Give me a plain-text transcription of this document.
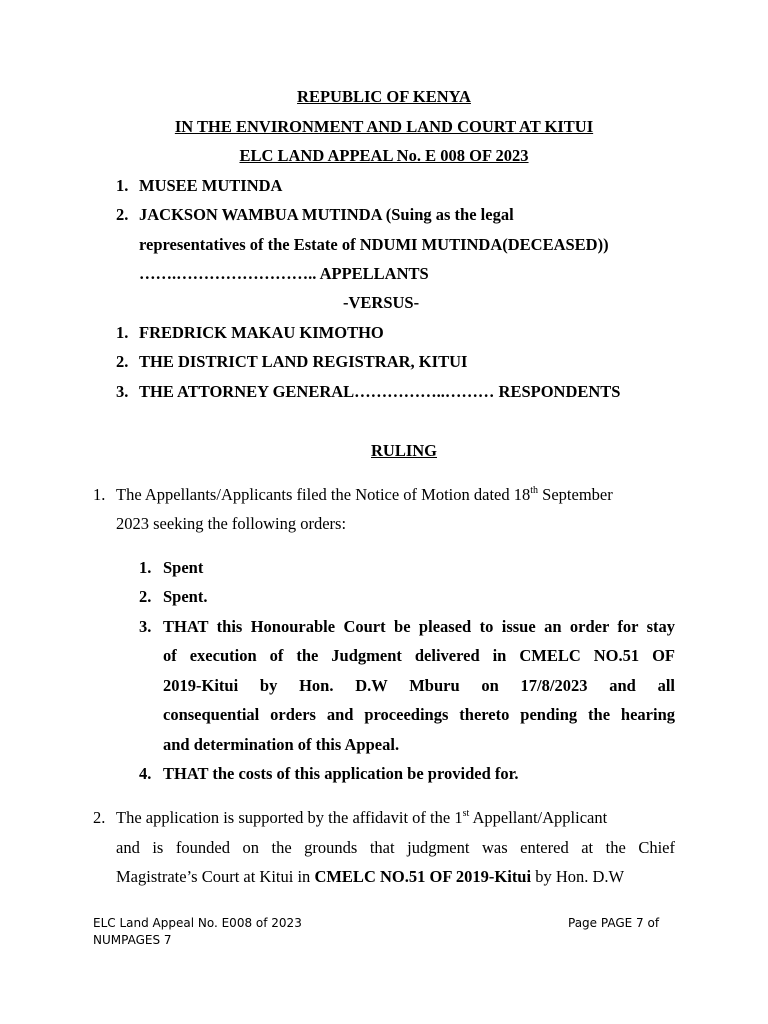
REPUBLIC OF KENYA
IN THE ENVIRONMENT AND LAND COURT AT KITUI
ELC LAND APPEAL No. E 008 OF 2023
1. MUSEE MUTINDA
2. JACKSON WAMBUA MUTINDA (Suing as the legal
representatives of the Estate of NDUMI MUTINDA(DECEASED))
…….…………………….. APPELLANTS
-VERSUS-
1. FREDRICK MAKAU KIMOTHO
2. THE DISTRICT LAND REGISTRAR, KITUI
3. THE ATTORNEY GENERAL……………..……… RESPONDENTS
RULING
1. The Appellants/Applicants filed the Notice of Motion dated 18th September
2023 seeking the following orders:
1. Spent
2. Spent.
3. THAT this Honourable Court be pleased to issue an order for stay
of execution of the Judgment delivered in CMELC NO.51 OF
2019-Kitui by Hon. D.W Mburu on 17/8/2023 and all
consequential orders and proceedings thereto pending the hearing
and determination of this Appeal.
4. THAT the costs of this application be provided for.
2. The application is supported by the affidavit of the 1st Appellant/Applicant
and is founded on the grounds that judgment was entered at the Chief
Magistrate’s Court at Kitui in CMELC NO.51 OF 2019-Kitui by Hon. D.W
ELC Land Appeal No. E008 of 2023	Page PAGE 7 of
NUMPAGES 7
